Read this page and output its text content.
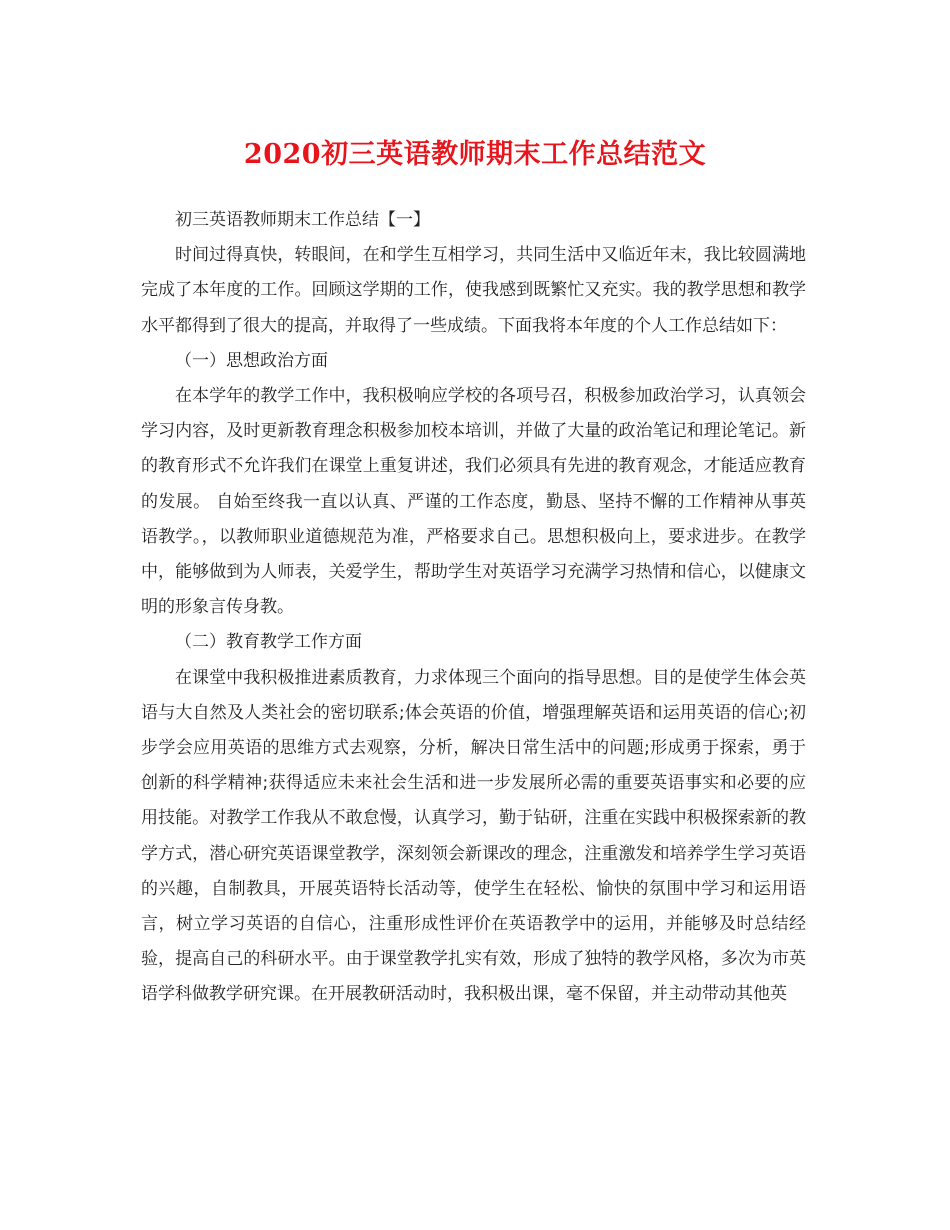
2020初三英语教师期末工作总结范文

初三英语教师期末工作总结【一】

时间过得真快，转眼间，在和学生互相学习，共同生活中又临近年末，我比较圆满地完成了本年度的工作。回顾这学期的工作，使我感到既繁忙又充实。我的教学思想和教学水平都得到了很大的提高，并取得了一些成绩。下面我将本年度的个人工作总结如下：

（一）思想政治方面

在本学年的教学工作中，我积极响应学校的各项号召，积极参加政治学习，认真领会学习内容，及时更新教育理念积极参加校本培训，并做了大量的政治笔记和理论笔记。新的教育形式不允许我们在课堂上重复讲述，我们必须具有先进的教育观念，才能适应教育的发展。 自始至终我一直以认真、严谨的工作态度，勤恳、坚持不懈的工作精神从事英语教学。，以教师职业道德规范为准，严格要求自己。思想积极向上，要求进步。在教学中，能够做到为人师表，关爱学生，帮助学生对英语学习充满学习热情和信心，以健康文明的形象言传身教。

（二）教育教学工作方面

在课堂中我积极推进素质教育，力求体现三个面向的指导思想。目的是使学生体会英语与大自然及人类社会的密切联系;体会英语的价值，增强理解英语和运用英语的信心;初步学会应用英语的思维方式去观察，分析，解决日常生活中的问题;形成勇于探索，勇于创新的科学精神;获得适应未来社会生活和进一步发展所必需的重要英语事实和必要的应用技能。对教学工作我从不敢怠慢，认真学习，勤于钻研，注重在实践中积极探索新的教学方式，潜心研究英语课堂教学，深刻领会新课改的理念，注重激发和培养学生学习英语的兴趣，自制教具，开展英语特长活动等，使学生在轻松、愉快的氛围中学习和运用语言，树立学习英语的自信心，注重形成性评价在英语教学中的运用，并能够及时总结经验，提高自己的科研水平。由于课堂教学扎实有效，形成了独特的教学风格，多次为市英语学科做教学研究课。在开展教研活动时，我积极出课，毫不保留，并主动带动其他英
